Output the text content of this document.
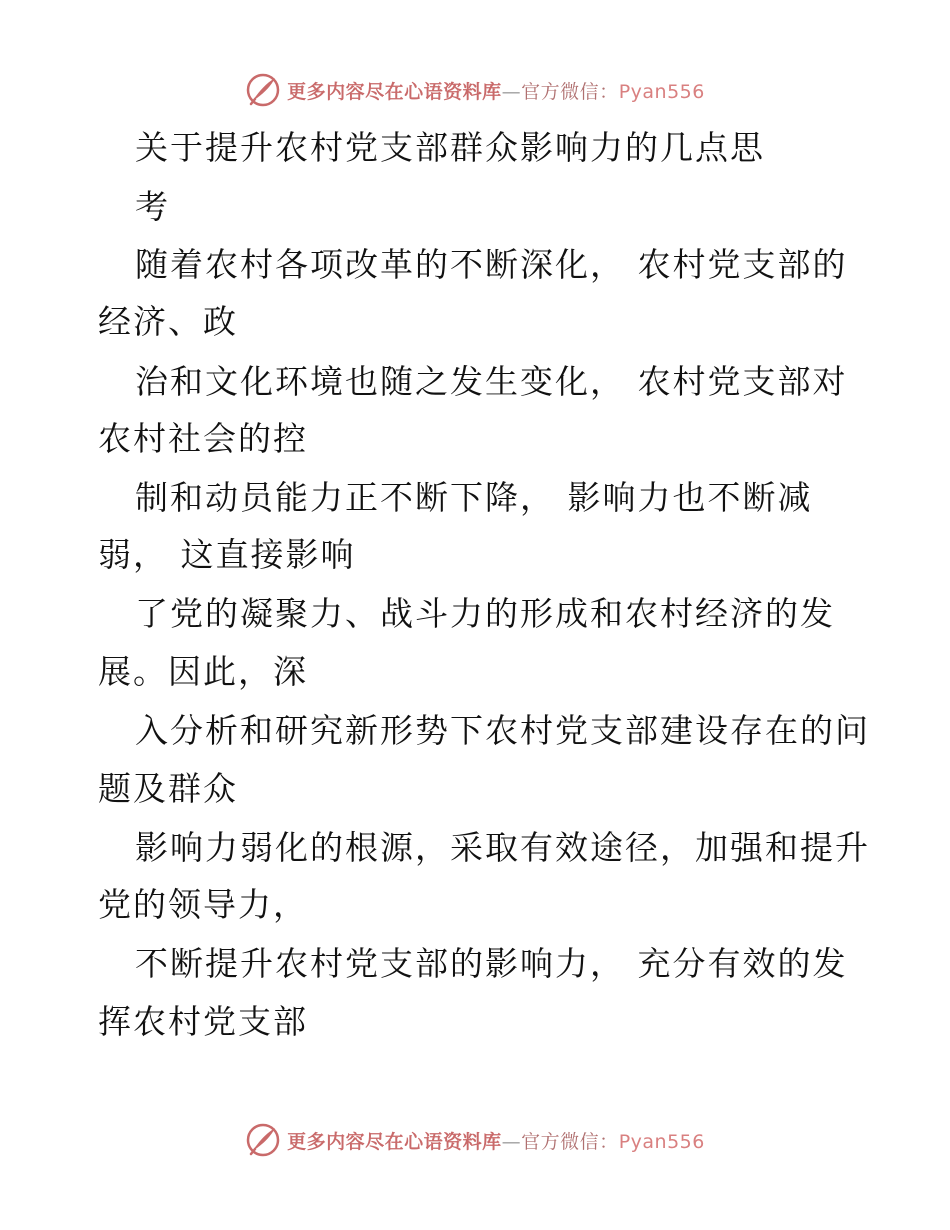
更多内容尽在心语资料库—官方微信：Pyan556
关于提升农村党支部群众影响力的几点思
考
随着农村各项改革的不断深化， 农村党支部的
经济、政
治和文化环境也随之发生变化， 农村党支部对
农村社会的控
制和动员能力正不断下降， 影响力也不断减
弱， 这直接影响
了党的凝聚力、战斗力的形成和农村经济的发
展。因此，深
入分析和研究新形势下农村党支部建设存在的问
题及群众
影响力弱化的根源，采取有效途径，加强和提升
党的领导力，
不断提升农村党支部的影响力， 充分有效的发
挥农村党支部
更多内容尽在心语资料库—官方微信：Pyan556
